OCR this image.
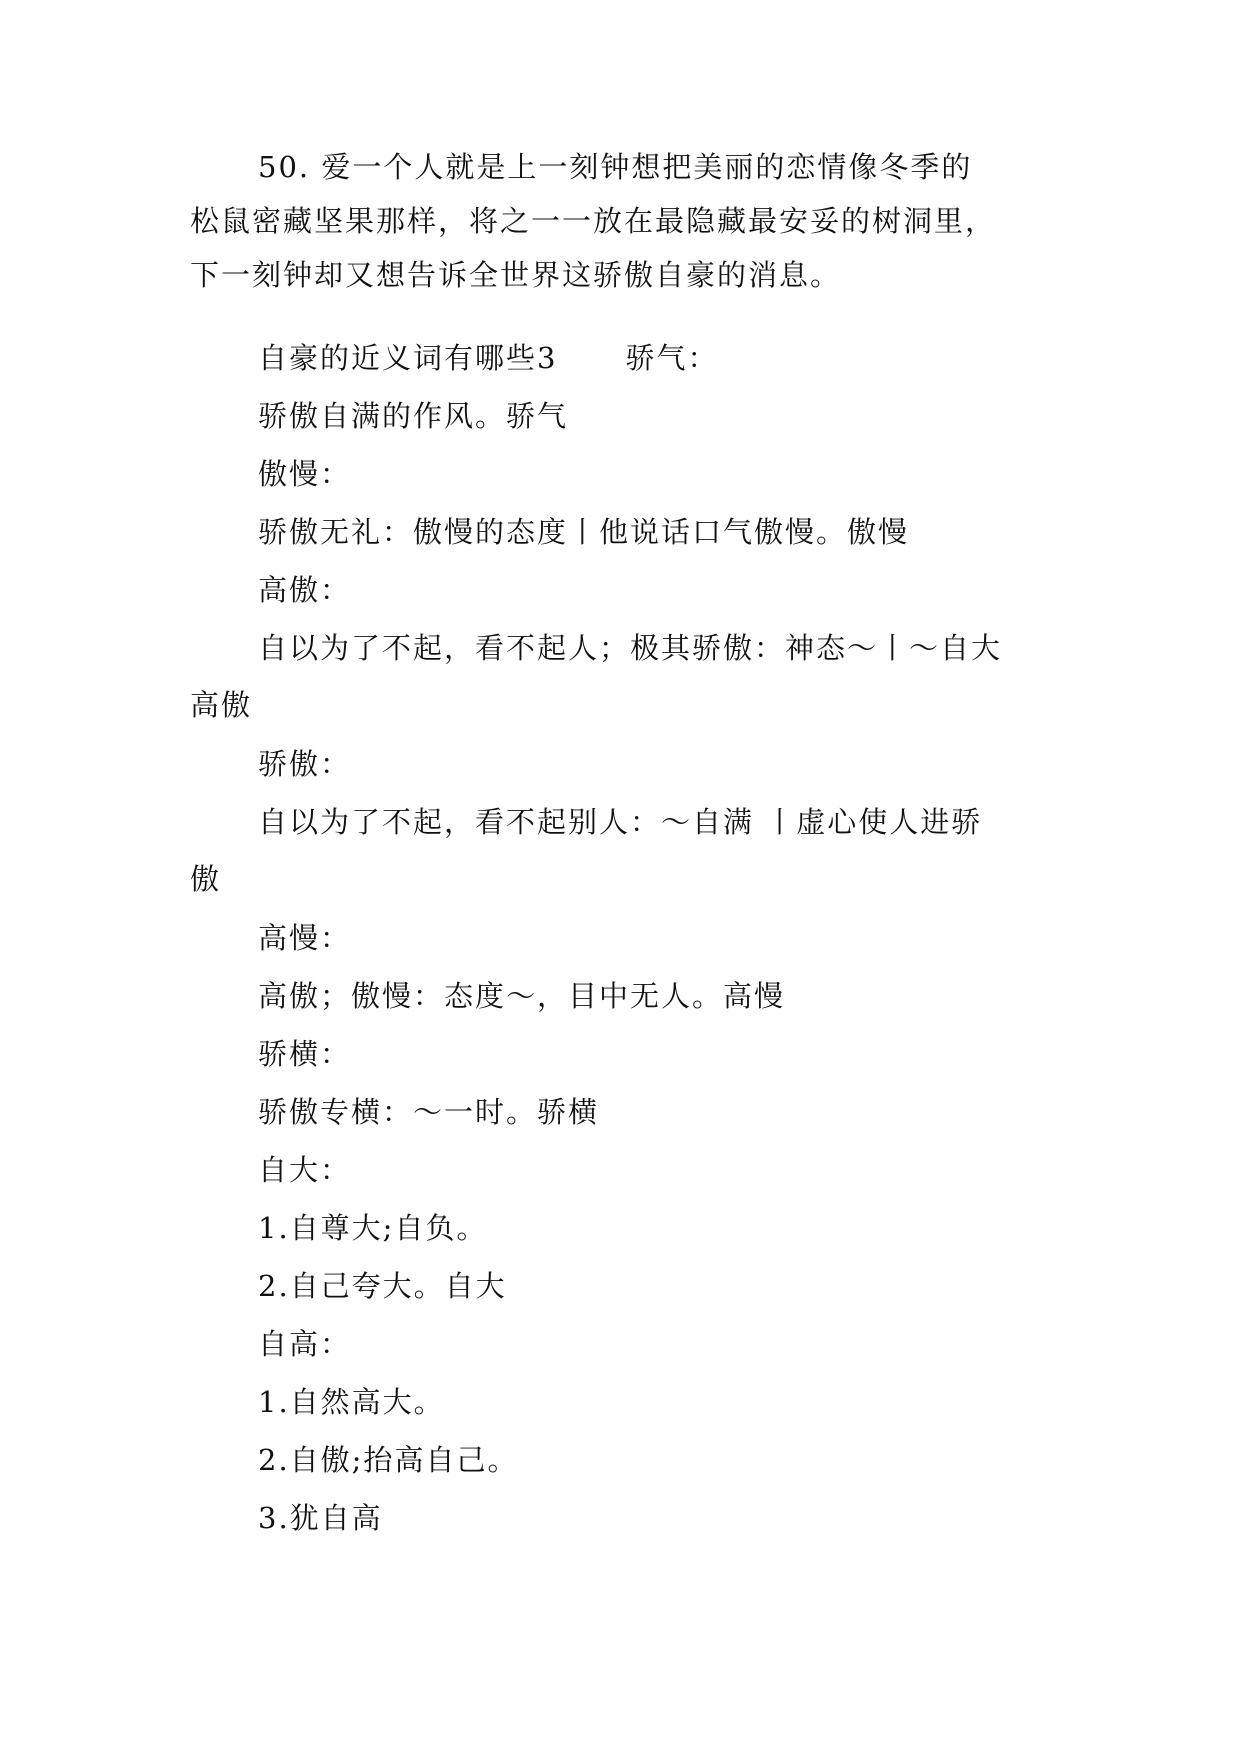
50. 爱一个人就是上一刻钟想把美丽的恋情像冬季的
松鼠密藏坚果那样，将之一一放在最隐藏最安妥的树洞里，
下一刻钟却又想告诉全世界这骄傲自豪的消息。
自豪的近义词有哪些3 骄气：
骄傲自满的作风。骄气
傲慢：
骄傲无礼：傲慢的态度丨他说话口气傲慢。傲慢
高傲：
自以为了不起，看不起人；极其骄傲：神态～丨～自大
高傲
骄傲：
自以为了不起，看不起别人：～自满 丨虚心使人进骄
傲
高慢：
高傲；傲慢：态度～，目中无人。高慢
骄横：
骄傲专横：～一时。骄横
自大：
1.自尊大;自负。
2.自己夸大。自大
自高：
1.自然高大。
2.自傲;抬高自己。
3.犹自高
